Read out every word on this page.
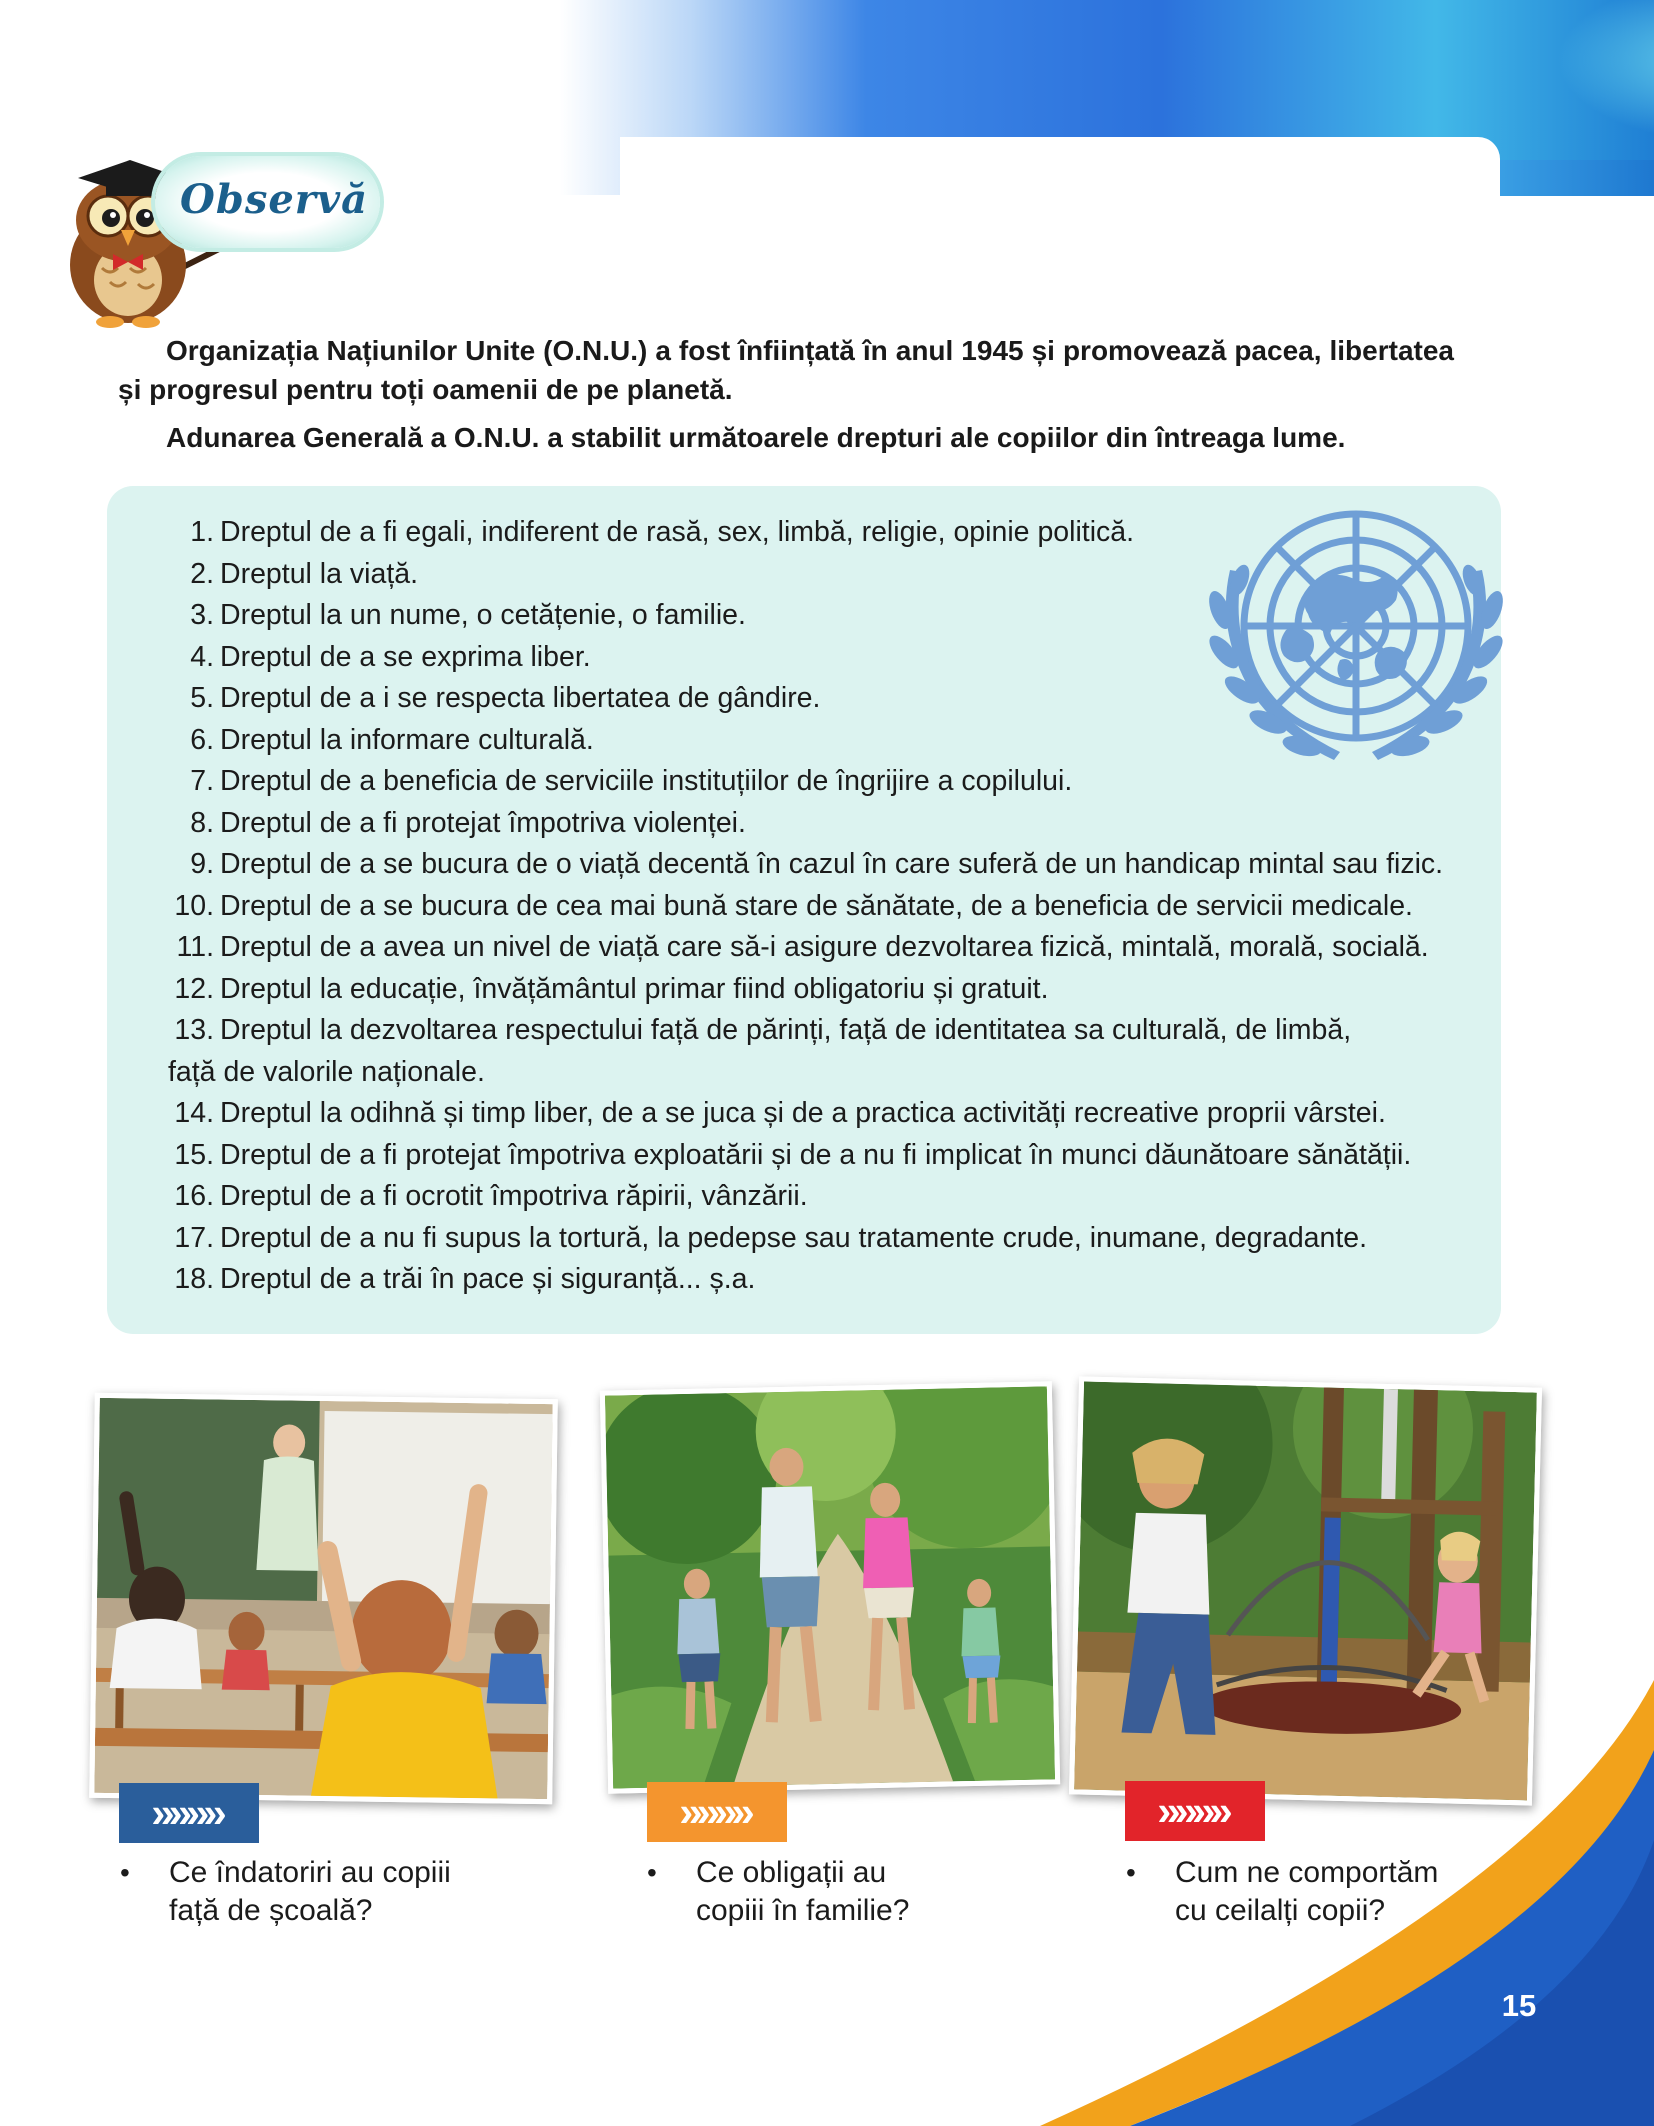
Observă
Organizația Națiunilor Unite (O.N.U.) a fost înființată în anul 1945 și promovează pacea, libertatea și progresul pentru toți oamenii de pe planetă.
Adunarea Generală a O.N.U. a stabilit următoarele drepturi ale copiilor din întreaga lume.
1. Dreptul de a fi egali, indiferent de rasă, sex, limbă, religie, opinie politică.
2. Dreptul la viață.
3. Dreptul la un nume, o cetățenie, o familie.
4. Dreptul de a se exprima liber.
5. Dreptul de a i se respecta libertatea de gândire.
6. Dreptul la informare culturală.
7. Dreptul de a beneficia de serviciile instituțiilor de îngrijire a copilului.
8. Dreptul de a fi protejat împotriva violenței.
9. Dreptul de a se bucura de o viață decentă în cazul în care suferă de un handicap mintal sau fizic.
10. Dreptul de a se bucura de cea mai bună stare de sănătate, de a beneficia de servicii medicale.
11. Dreptul de a avea un nivel de viață care să-i asigure dezvoltarea fizică, mintală, morală, socială.
12. Dreptul la educație, învățământul primar fiind obligatoriu și gratuit.
13. Dreptul la dezvoltarea respectului față de părinți, față de identitatea sa culturală, de limbă,
față de valorile naționale.
14. Dreptul la odihnă și timp liber, de a se juca și de a practica activități recreative proprii vârstei.
15. Dreptul de a fi protejat împotriva exploatării și de a nu fi implicat în munci dăunătoare sănătății.
16. Dreptul de a fi ocrotit împotriva răpirii, vânzării.
17. Dreptul de a nu fi supus la tortură, la pedepse sau tratamente crude, inumane, degradante.
18. Dreptul de a trăi în pace și siguranță... ș.a.
15
»»»»	»»»»	»»»»
• Ce îndatoriri au copiii
față de școală?
• Ce obligații au
copiii în familie?
• Cum ne comportăm
cu ceilalți copii?
